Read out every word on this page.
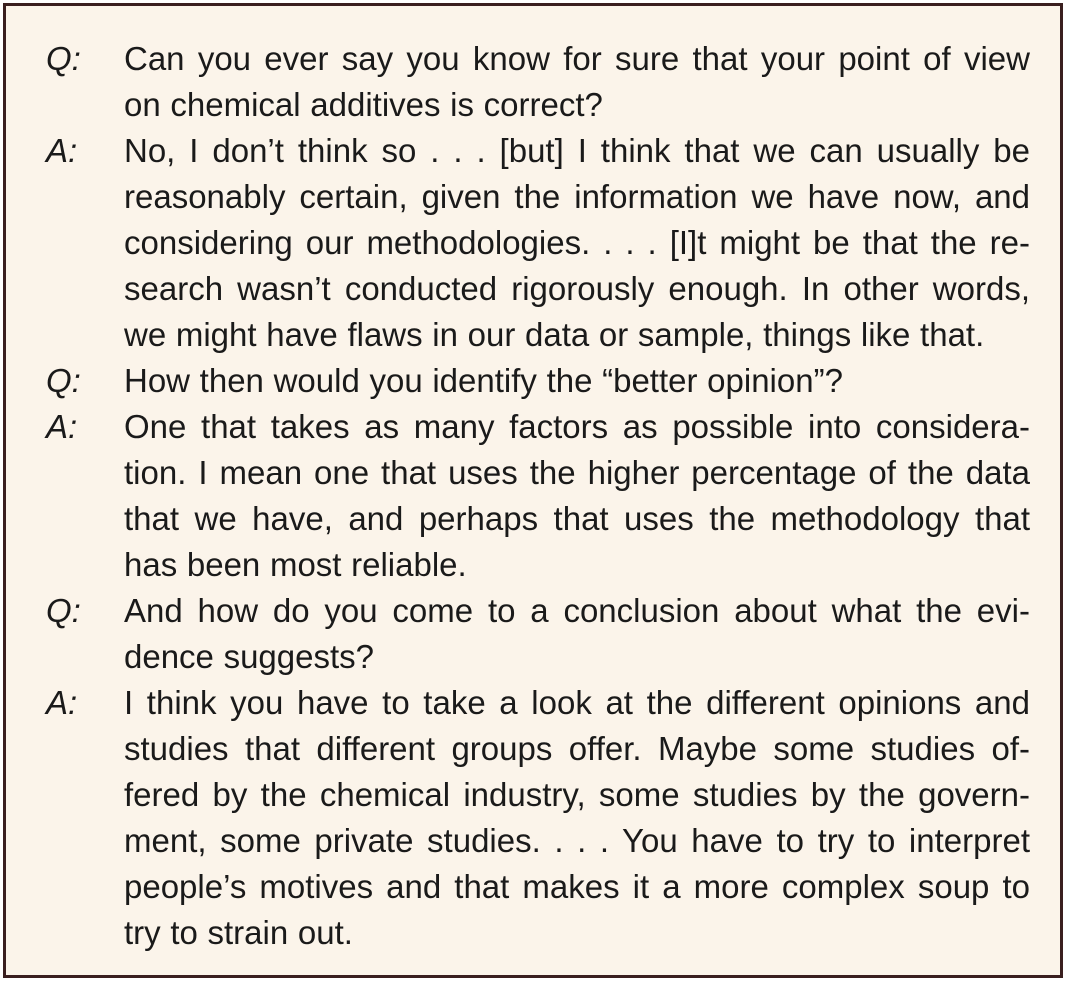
Q:	Can you ever say you know for sure that your point of view on chemical additives is correct?
A:	No, I don’t think so . . . [but] I think that we can usually be reasonably certain, given the information we have now, and considering our methodologies. . . . [I]t might be that the research wasn’t conducted rigorously enough. In other words, we might have flaws in our data or sample, things like that.
Q:	How then would you identify the “better opinion”?
A:	One that takes as many factors as possible into consideration. I mean one that uses the higher percentage of the data that we have, and perhaps that uses the methodology that has been most reliable.
Q:	And how do you come to a conclusion about what the evidence suggests?
A:	I think you have to take a look at the different opinions and studies that different groups offer. Maybe some studies offered by the chemical industry, some studies by the government, some private studies. . . . You have to try to interpret people’s motives and that makes it a more complex soup to try to strain out.
